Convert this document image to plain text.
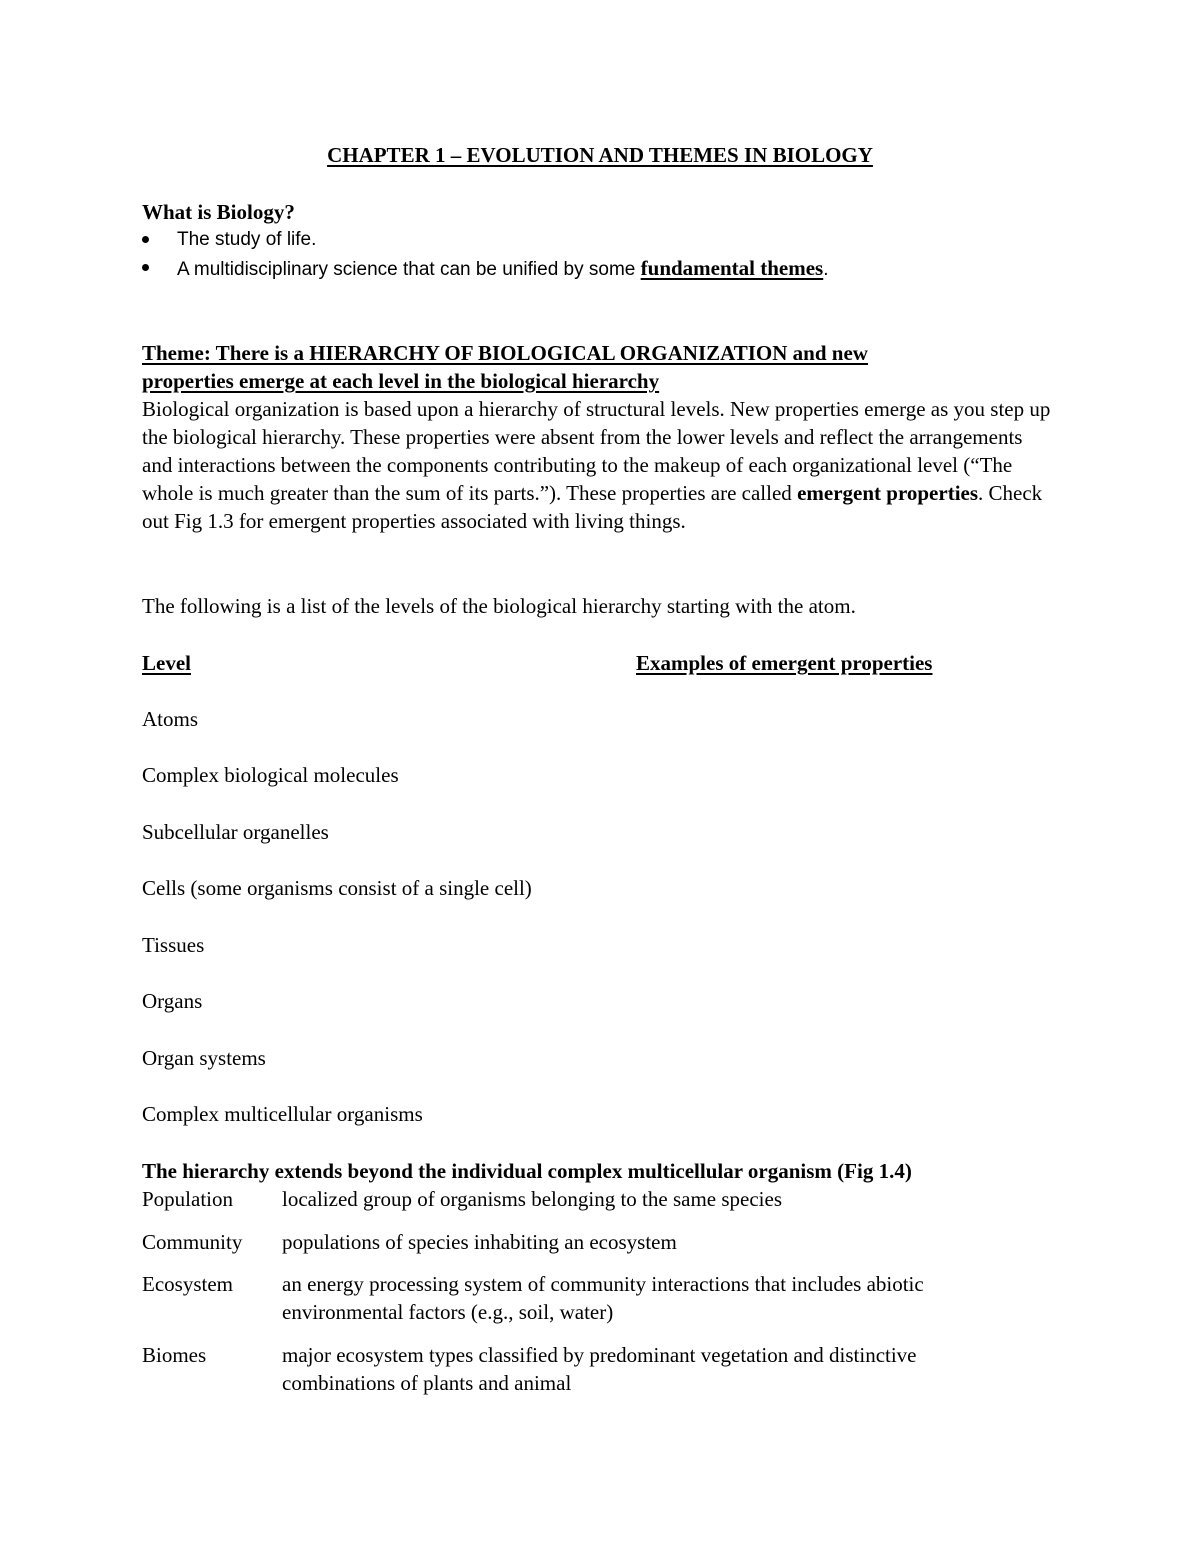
CHAPTER 1 – EVOLUTION AND THEMES IN BIOLOGY
What is Biology?
The study of life.
A multidisciplinary science that can be unified by some fundamental themes.
Theme: There is a HIERARCHY OF BIOLOGICAL ORGANIZATION and new
properties emerge at each level in the biological hierarchy
Biological organization is based upon a hierarchy of structural levels. New properties emerge as you step up the biological hierarchy. These properties were absent from the lower levels and reflect the arrangements and interactions between the components contributing to the makeup of each organizational level (“The whole is much greater than the sum of its parts.”). These properties are called emergent properties. Check out Fig 1.3 for emergent properties associated with living things.
The following is a list of the levels of the biological hierarchy starting with the atom.
Level	Examples of emergent properties
Atoms
Complex biological molecules
Subcellular organelles
Cells (some organisms consist of a single cell)
Tissues
Organs
Organ systems
Complex multicellular organisms
The hierarchy extends beyond the individual complex multicellular organism (Fig 1.4)
Population localized group of organisms belonging to the same species
Community populations of species inhabiting an ecosystem
Ecosystem an energy processing system of community interactions that includes abiotic environmental factors (e.g., soil, water)
Biomes	major ecosystem types classified by predominant vegetation and distinctive combinations of plants and animal
